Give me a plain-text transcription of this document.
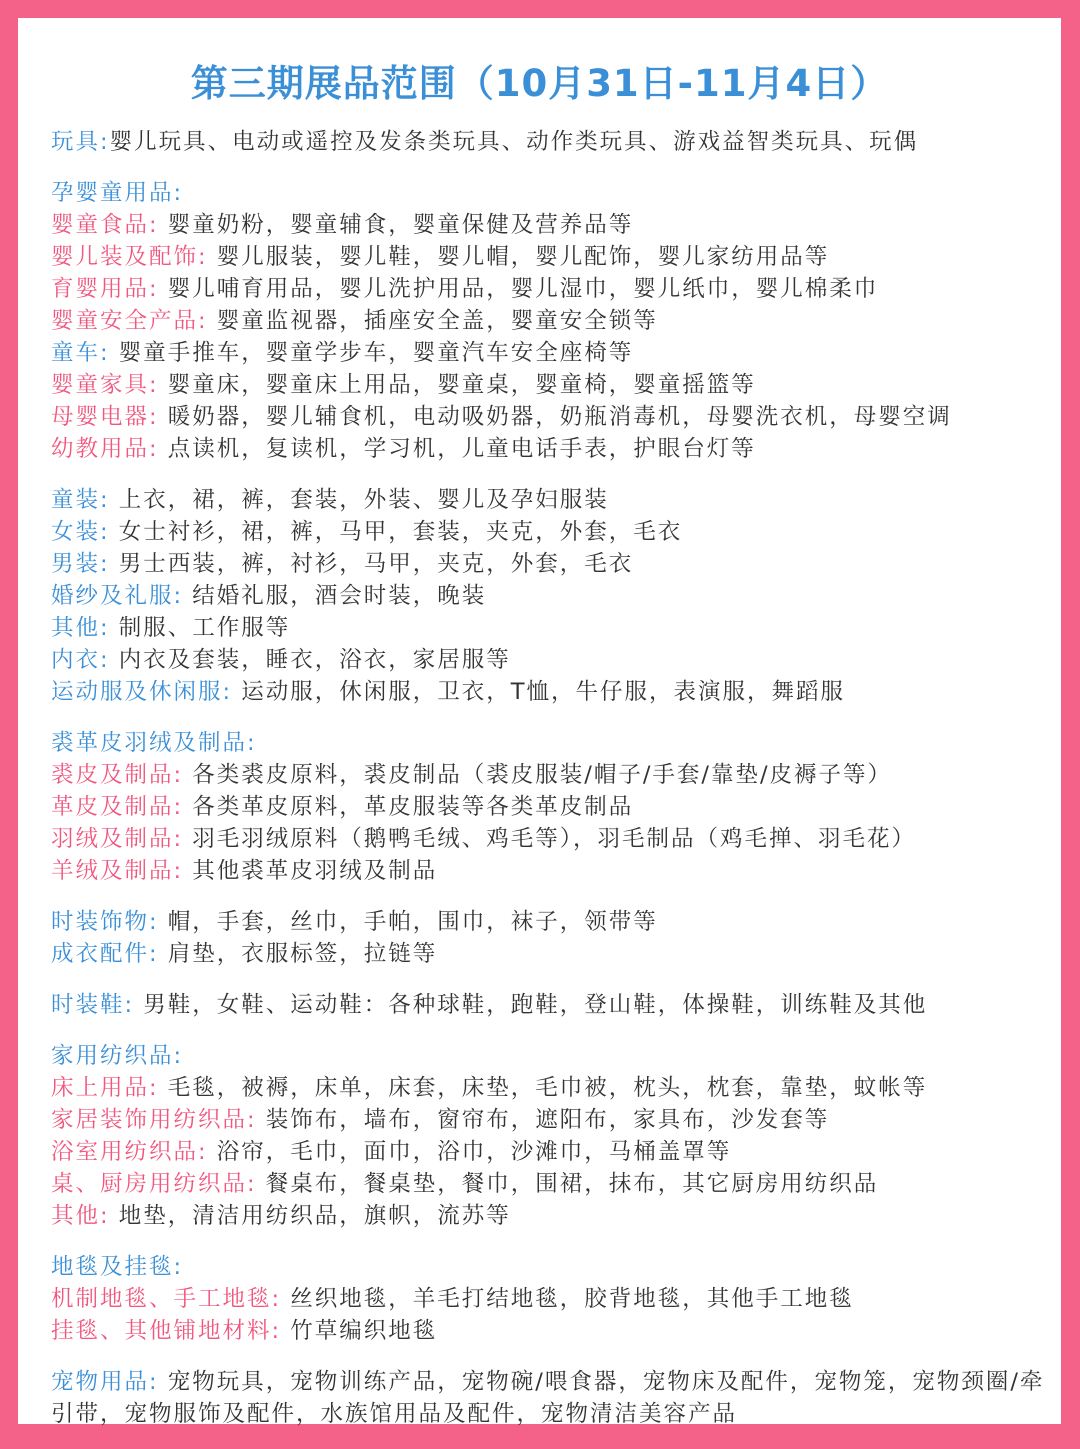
第三期展品范围（10月31日-11月4日）
玩具:婴儿玩具、电动或遥控及发条类玩具、动作类玩具、游戏益智类玩具、玩偶
孕婴童用品:
婴童食品: 婴童奶粉，婴童辅食，婴童保健及营养品等
婴儿装及配饰: 婴儿服装，婴儿鞋，婴儿帽，婴儿配饰，婴儿家纺用品等
育婴用品: 婴儿哺育用品，婴儿洗护用品，婴儿湿巾，婴儿纸巾，婴儿棉柔巾
婴童安全产品: 婴童监视器，插座安全盖，婴童安全锁等
童车: 婴童手推车，婴童学步车，婴童汽车安全座椅等
婴童家具: 婴童床，婴童床上用品，婴童桌，婴童椅，婴童摇篮等
母婴电器: 暖奶器，婴儿辅食机，电动吸奶器，奶瓶消毒机，母婴洗衣机，母婴空调
幼教用品: 点读机，复读机，学习机，儿童电话手表，护眼台灯等
童装: 上衣，裙，裤，套装，外装、婴儿及孕妇服装
女装: 女士衬衫，裙，裤，马甲，套装，夹克，外套，毛衣
男装: 男士西装，裤，衬衫，马甲，夹克，外套，毛衣
婚纱及礼服: 结婚礼服，酒会时装，晚装
其他: 制服、工作服等
内衣: 内衣及套装，睡衣，浴衣，家居服等
运动服及休闲服: 运动服，休闲服，卫衣，T恤，牛仔服，表演服，舞蹈服
裘革皮羽绒及制品:
裘皮及制品: 各类裘皮原料，裘皮制品（裘皮服装/帽子/手套/靠垫/皮褥子等）
革皮及制品: 各类革皮原料，革皮服装等各类革皮制品
羽绒及制品: 羽毛羽绒原料（鹅鸭毛绒、鸡毛等），羽毛制品（鸡毛掸、羽毛花）
羊绒及制品: 其他裘革皮羽绒及制品
时装饰物: 帽，手套，丝巾，手帕，围巾，袜子，领带等
成衣配件: 肩垫，衣服标签，拉链等
时装鞋: 男鞋，女鞋、运动鞋：各种球鞋，跑鞋，登山鞋，体操鞋，训练鞋及其他
家用纺织品:
床上用品: 毛毯，被褥，床单，床套，床垫，毛巾被，枕头，枕套，靠垫，蚊帐等
家居装饰用纺织品: 装饰布，墙布，窗帘布，遮阳布，家具布，沙发套等
浴室用纺织品: 浴帘，毛巾，面巾，浴巾，沙滩巾，马桶盖罩等
桌、厨房用纺织品: 餐桌布，餐桌垫，餐巾，围裙，抹布，其它厨房用纺织品
其他: 地垫，清洁用纺织品，旗帜，流苏等
地毯及挂毯:
机制地毯、手工地毯: 丝织地毯，羊毛打结地毯，胶背地毯，其他手工地毯
挂毯、其他铺地材料: 竹草编织地毯
宠物用品: 宠物玩具，宠物训练产品，宠物碗/喂食器，宠物床及配件，宠物笼，宠物颈圈/牵引带，宠物服饰及配件，水族馆用品及配件，宠物清洁美容产品
